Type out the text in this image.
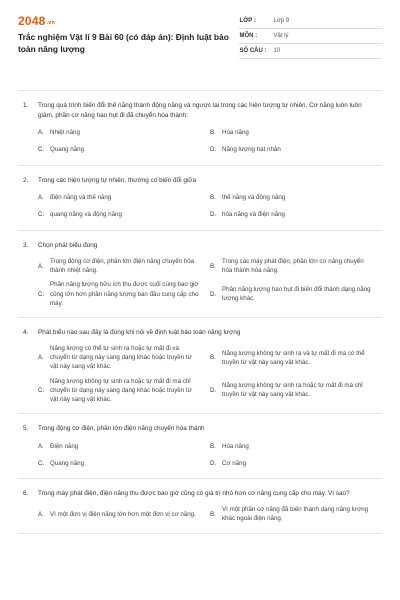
2048.vn
Trắc nghiệm Vật lí 9 Bài 60 (có đáp án): Định luật bảo toàn năng lượng
LỚP :	Lớp 9
MÔN :	Vật lý
SỐ CÂU :	10
1.	Trong quá trình biến đổi thế năng thành động năng và ngược lại trong các hiện tượng tự nhiên. Cơ năng luôn luôn giảm, phần cơ năng hao hụt đi đã chuyển hóa thành:
A. Nhiệt năng	B. Hóa năng
C. Quang năng	D. Năng lượng hạt nhân
2.	Trong các hiện tượng tự nhiên, thường có biến đổi giữa
A. điện năng và thế năng	B. thế năng và động năng
C. quang năng và động năng	D. hóa năng và điện năng
3.	Chọn phát biểu đúng
A.
Trong động cơ điện, phần lớn điện năng chuyển hóa thành nhiệt năng.
B.
Trong các máy phát điện, phần lớn cơ năng chuyển hóa thành hóa năng.
C.
Phần năng lượng hữu ích thu được cuối cùng bao giờ cũng lớn hơn phần năng lượng ban đầu cung cấp cho máy.
D.
Phần năng lượng hao hụt đi biến đổi thành dạng năng lượng khác.
4.	Phát biểu nào sau đây là đúng khi nói về định luật bảo toàn năng lượng
A.
Năng lượng có thể tự sinh ra hoặc tự mất đi và chuyển từ dạng này sang dạng khác hoặc truyền từ vật này sang vật khác.
B.
Năng lượng không tự sinh ra và tự mất đi mà có thể truyền từ vật này sang vật khác.
C.
Năng lượng không tự sinh ra hoặc tự mất đi mà chỉ chuyển từ dạng này sang dạng khác hoặc truyền từ vật này sang vật khác.
D.
Năng lượng không tự sinh ra hoặc tự mất đi mà chỉ truyền từ vật này sang vật khác.
5.	Trong động cơ điện, phần lớn điện năng chuyển hóa thành
A. Điện năng	B. Hóa năng
C. Quang năng	D. Cơ năng
6.	Trong máy phát điện, điện năng thu được bao giờ cũng có giá trị nhỏ hơn cơ năng cung cấp cho máy. Vì sao?
A. Vì một đơn vị điện năng lớn hơn một đơn vị cơ năng.	B.
Vì một phần cơ năng đã biến thành dạng năng lượng khác ngoài điện năng.
